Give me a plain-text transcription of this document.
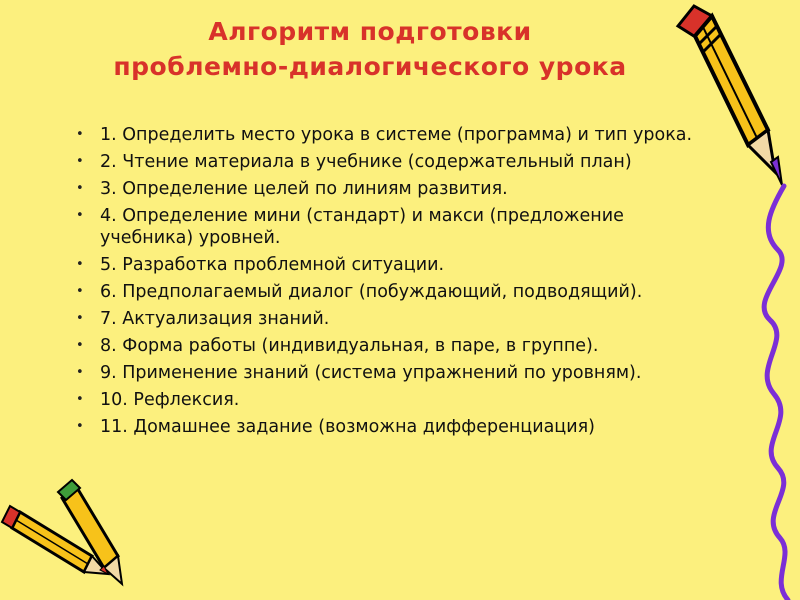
Алгоритм подготовки
проблемно-диалогического урока
• 1. Определить место урока в системе (программа) и тип урока.
• 2. Чтение материала в учебнике (содержательный план)
• 3. Определение целей по линиям развития.
• 4. Определение мини (стандарт) и макси (предложение учебника) уровней.
• 5. Разработка проблемной ситуации.
• 6. Предполагаемый диалог (побуждающий, подводящий).
• 7. Актуализация знаний.
• 8. Форма работы (индивидуальная, в паре, в группе).
• 9. Применение знаний (система упражнений по уровням).
• 10. Рефлексия.
• 11. Домашнее задание (возможна дифференциация)
